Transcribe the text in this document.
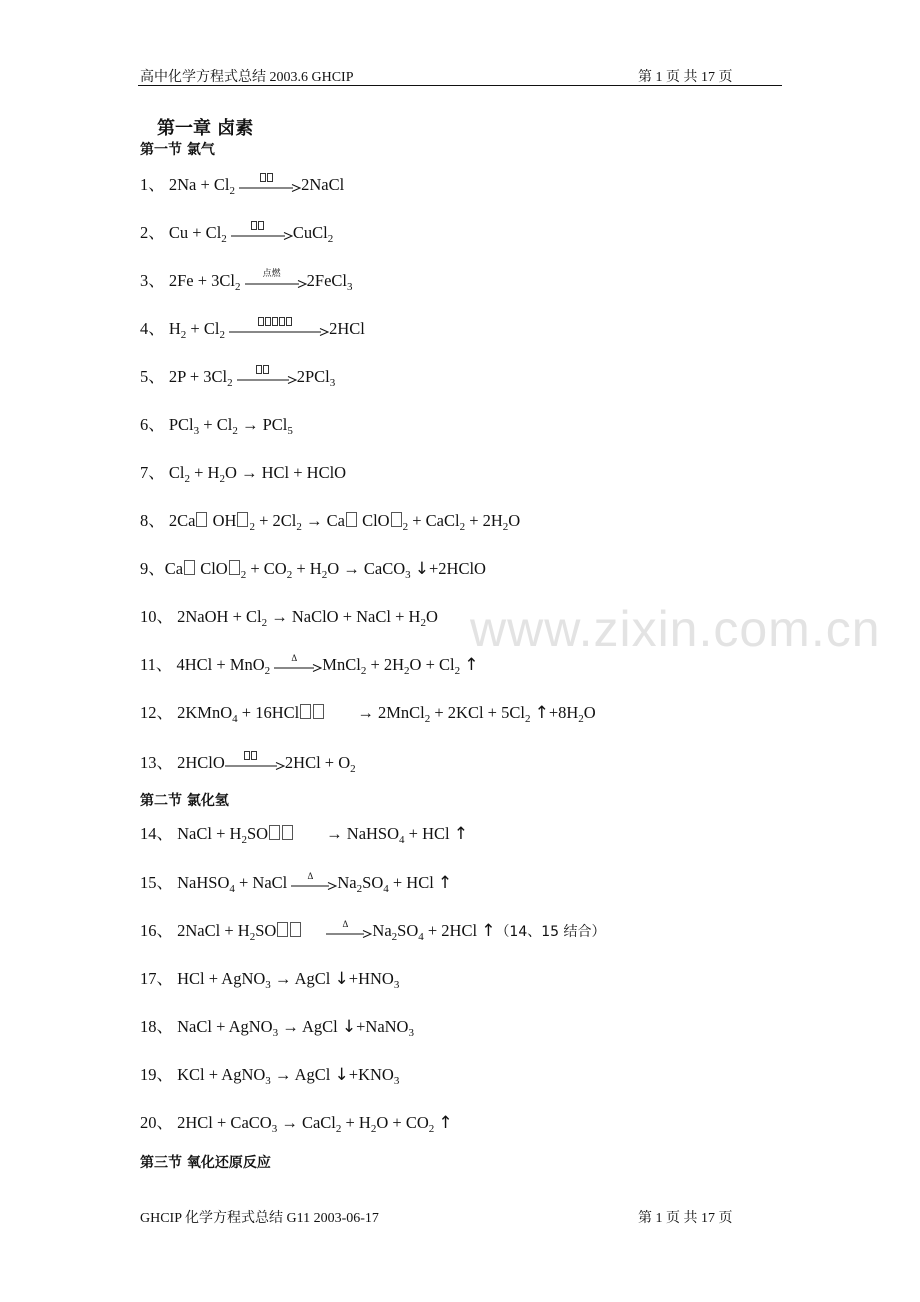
高中化学方程式总结 2003.6 GHCIP	第 1 页 共 17 页
www.zixin.com.cn
第一章 卤素
第一节 氯气
1、 $2Na + Cl_2$	2NaCl
2、 $Cu + Cl_2$	CuCl$_2$
3、 $2Fe + 3Cl_2$
点燃	2FeCl$_3$
4、 $H_2 + Cl_2$	2HCl
5、 $2P + 3Cl_2$	2PCl$_3$
6、 $PCl_3 + Cl_2 \to PCl_5$
7、 $Cl_2 + H_2O$ → HCl + HClO
8、 2Ca OH $_2 + 2Cl_2 \to Ca$ ClO $_2$ + CaCl$_2$ + $2H_2O$
9、Ca ClO $_2 + CO_2 + H_2O$ → CaCO$_3$ ↓+2HClO
10、 2NaOH + $Cl_2$ → NaClO + NaCl + $H_2O$
11、 4HCl + MnO$_2$
Δ	MnCl$_2$ + $2H_2O + Cl_2$ ↑
12、 2KMnO$_4$ + 16HCl	→ 2MnCl$_2$ + $2KCl + 5Cl_2$ $↑+8H_2O$
13、 2HClO	$2HCl + O_2$
第二节 氯化氢
14、 NaCl + $H_2SO$	→ NaHSO$_4$ + HCl ↑
15、 NaHSO$_4$ + NaCl	Δ	$Na_2SO_4$ + HCl ↑
16、 2NaCl + $H_2SO$	Δ	$Na_2SO_4 + 2HCl$ ↑（14、15 结合）
17、 HCl + AgNO$_3$ → AgCl $↓+HNO_3$
18、 NaCl + AgNO$_3$ → AgCl ↓+NaNO$_3$
19、 KCl + AgNO$_3$ → AgCl $↓+KNO_3$
20、 2HCl + CaCO$_3$ → CaCl$_2$ + $H_2O + CO_2$ ↑
第三节 氧化还原反应
GHCIP 化学方程式总结 G11 2003-06-17	第 1 页 共 17 页
